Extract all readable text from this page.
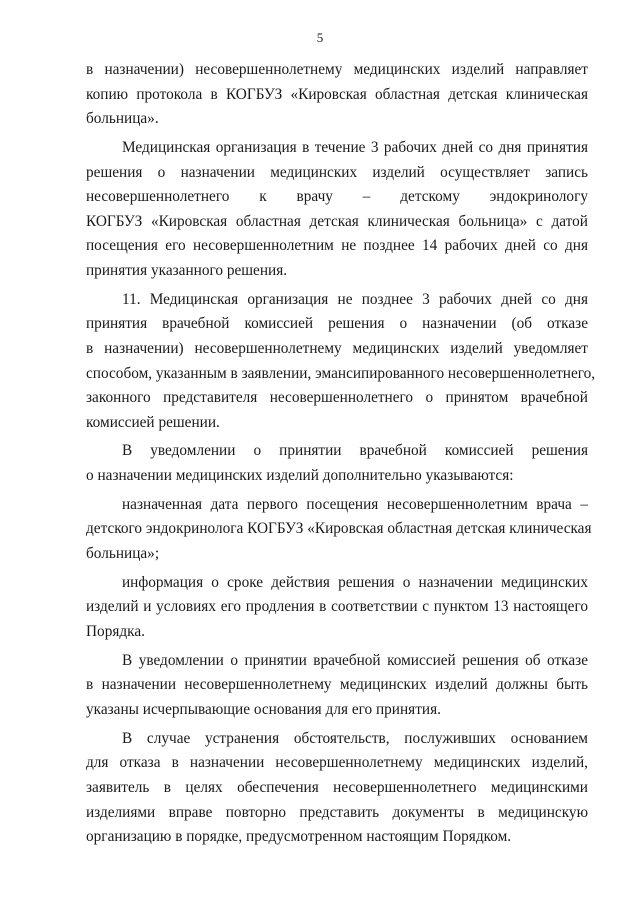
5
в назначении) несовершеннолетнему медицинских изделий направляет
копию протокола в КОГБУЗ «Кировская областная детская клиническая
больница».
Медицинская организация в течение 3 рабочих дней со дня принятия
решения о назначении медицинских изделий осуществляет запись
несовершеннолетнего к врачу – детскому эндокринологу
КОГБУЗ «Кировская областная детская клиническая больница» с датой
посещения его несовершеннолетним не позднее 14 рабочих дней со дня
принятия указанного решения.
11. Медицинская организация не позднее 3 рабочих дней со дня
принятия врачебной комиссией решения о назначении (об отказе
в назначении) несовершеннолетнему медицинских изделий уведомляет
способом, указанным в заявлении, эмансипированного несовершеннолетнего,
законного представителя несовершеннолетнего о принятом врачебной
комиссией решении.
В уведомлении о принятии врачебной комиссией решения
о назначении медицинских изделий дополнительно указываются:
назначенная дата первого посещения несовершеннолетним врача –
детского эндокринолога КОГБУЗ «Кировская областная детская клиническая
больница»;
информация о сроке действия решения о назначении медицинских
изделий и условиях его продления в соответствии с пунктом 13 настоящего
Порядка.
В уведомлении о принятии врачебной комиссией решения об отказе
в назначении несовершеннолетнему медицинских изделий должны быть
указаны исчерпывающие основания для его принятия.
В случае устранения обстоятельств, послуживших основанием
для отказа в назначении несовершеннолетнему медицинских изделий,
заявитель в целях обеспечения несовершеннолетнего медицинскими
изделиями вправе повторно представить документы в медицинскую
организацию в порядке, предусмотренном настоящим Порядком.
